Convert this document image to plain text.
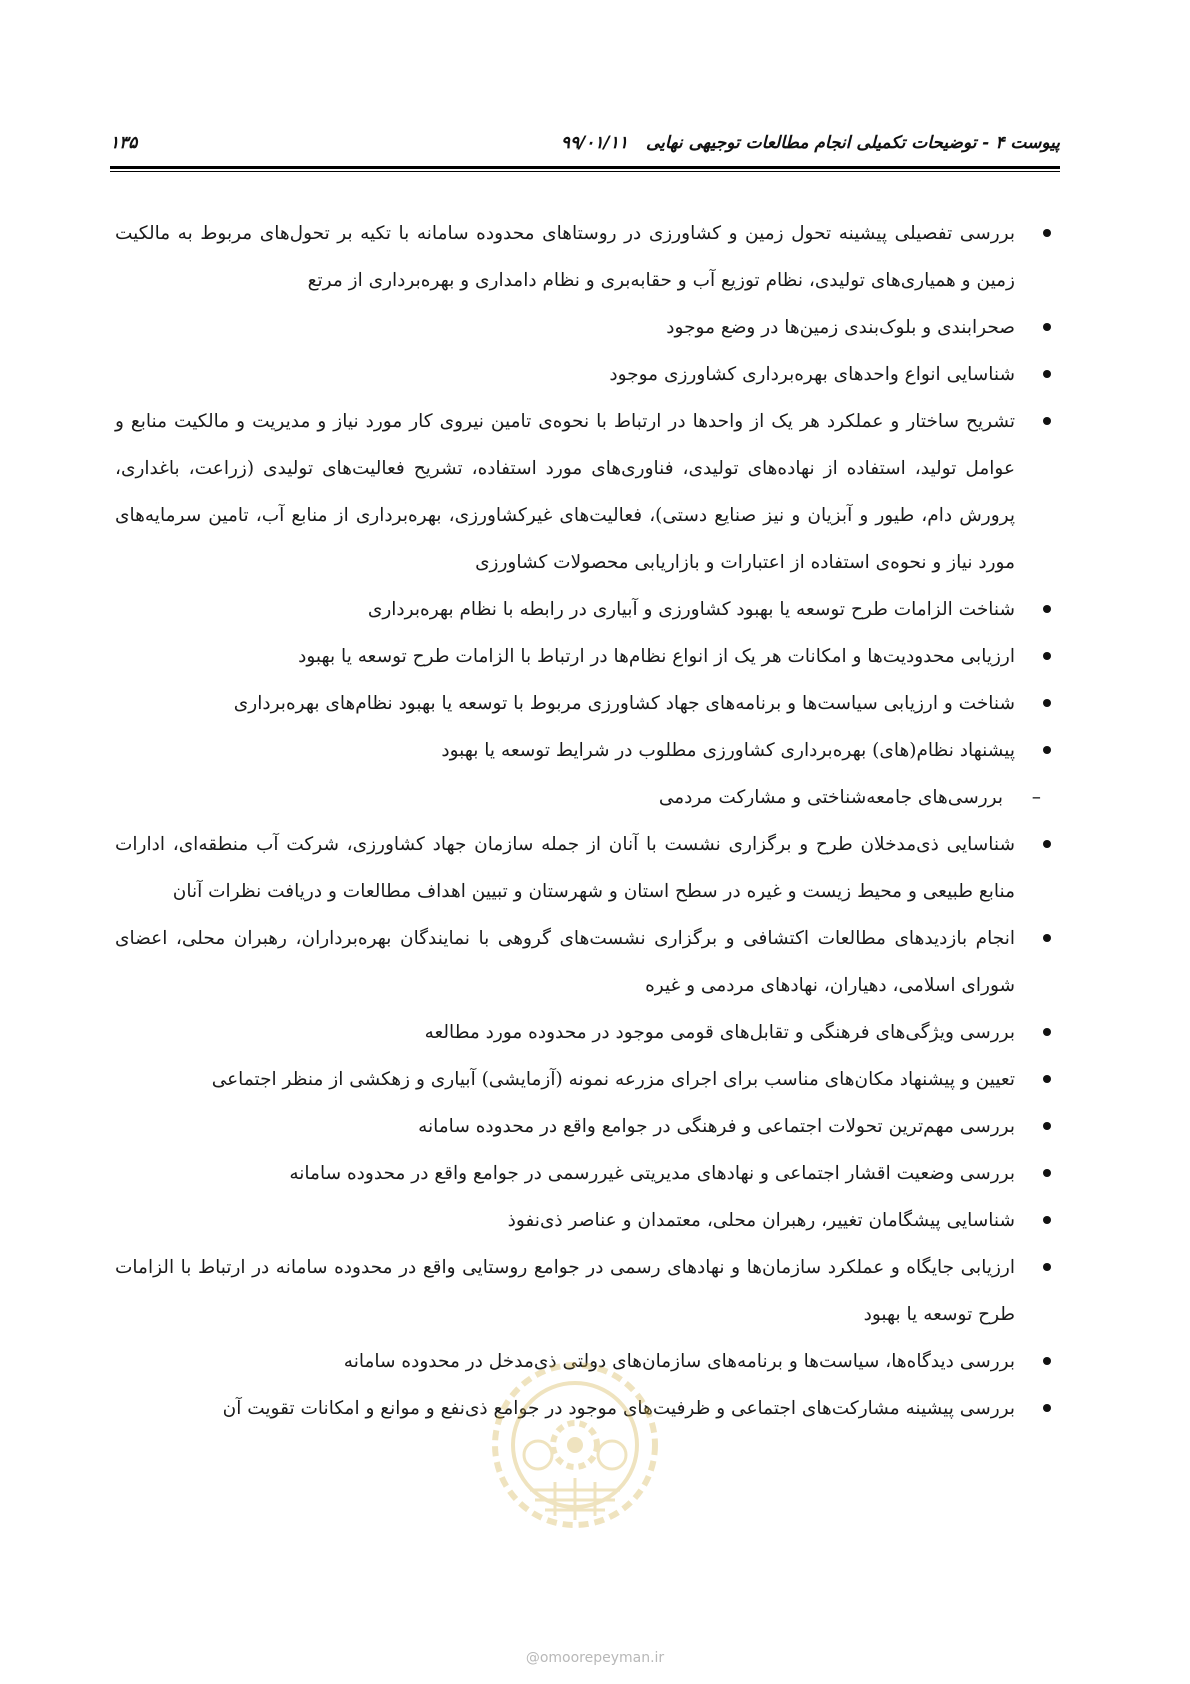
پیوست ۴ - توضیحات تکمیلی انجام مطالعات توجیهی نهایی
۹۹/۰۱/۱۱
۱۳۵

بررسی تفصیلی پیشینه تحول زمین و کشاورزی در روستاهای محدوده سامانه با تکیه بر تحول‌های مربوط به مالکیت زمین و همیاری‌های تولیدی، نظام توزیع آب و حقابه‌بری و نظام دامداری و بهره‌برداری از مرتع

صحرابندی و بلوک‌بندی زمین‌ها در وضع موجود

شناسایی انواع واحدهای بهره‌برداری کشاورزی موجود

تشریح ساختار و عملکرد هر یک از واحدها در ارتباط با نحوه‌ی تامین نیروی کار مورد نیاز و مدیریت و مالکیت منابع و عوامل تولید، استفاده از نهاده‌های تولیدی، فناوری‌های مورد استفاده، تشریح فعالیت‌های تولیدی (زراعت، باغداری، پرورش دام، طیور و آبزیان و نیز صنایع دستی)، فعالیت‌های غیرکشاورزی، بهره‌برداری از منابع آب، تامین سرمایه‌های مورد نیاز و نحوه‌ی استفاده از اعتبارات و بازاریابی محصولات کشاورزی

شناخت الزامات طرح توسعه یا بهبود کشاورزی و آبیاری در رابطه با نظام بهره‌برداری

ارزیابی محدودیت‌ها و امکانات هر یک از انواع نظام‌ها در ارتباط با الزامات طرح توسعه یا بهبود

شناخت و ارزیابی سیاست‌ها و برنامه‌های جهاد کشاورزی مربوط با توسعه یا بهبود نظام‌های بهره‌برداری

پیشنهاد نظام(های) بهره‌برداری کشاورزی مطلوب در شرایط توسعه یا بهبود

–
بررسی‌های جامعه‌شناختی و مشارکت مردمی

شناسایی ذی‌مدخلان طرح و برگزاری نشست با آنان از جمله سازمان جهاد کشاورزی، شرکت آب منطقه‌ای، ادارات منابع طبیعی و محیط زیست و غیره در سطح استان و شهرستان و تبیین اهداف مطالعات و دریافت نظرات آنان

انجام بازدیدهای مطالعات اکتشافی و برگزاری نشست‌های گروهی با نمایندگان بهره‌برداران، رهبران محلی، اعضای شورای اسلامی، دهیاران، نهادهای مردمی و غیره

بررسی ویژگی‌های فرهنگی و تقابل‌های قومی موجود در محدوده مورد مطالعه

تعیین و پیشنهاد مکان‌های مناسب برای اجرای مزرعه نمونه (آزمایشی) آبیاری و زهکشی از منظر اجتماعی

بررسی مهم‌ترین تحولات اجتماعی و فرهنگی در جوامع واقع در محدوده سامانه

بررسی وضعیت اقشار اجتماعی و نهادهای مدیریتی غیررسمی در جوامع واقع در محدوده سامانه

شناسایی پیشگامان تغییر، رهبران محلی، معتمدان و عناصر ذی‌نفوذ

ارزیابی جایگاه و عملکرد سازمان‌ها و نهادهای رسمی در جوامع روستایی واقع در محدوده سامانه در ارتباط با الزامات طرح توسعه یا بهبود

بررسی دیدگاه‌ها، سیاست‌ها و برنامه‌های سازمان‌های دولتی ذی‌مدخل در محدوده سامانه

بررسی پیشینه مشارکت‌های اجتماعی و ظرفیت‌های موجود در جوامع ذی‌نفع و موانع و امکانات تقویت آن

@omoorepeyman.ir
